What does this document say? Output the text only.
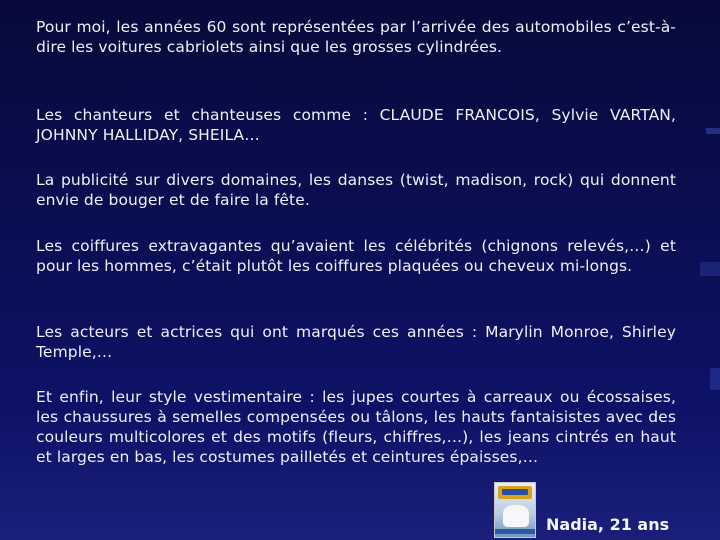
Pour moi, les années 60 sont représentées par l’arrivée des automobiles c’est-à-dire les voitures cabriolets ainsi que les grosses cylindrées.

Les chanteurs et chanteuses comme : CLAUDE FRANCOIS, Sylvie VARTAN, JOHNNY HALLIDAY, SHEILA…

La publicité sur divers domaines, les danses (twist, madison, rock) qui donnent envie de bouger et de faire la fête.

Les coiffures extravagantes qu’avaient les célébrités (chignons relevés,…) et pour les hommes, c’était plutôt les coiffures plaquées ou cheveux mi-longs.

Les acteurs et actrices qui ont marqués ces années : Marylin Monroe, Shirley Temple,…

Et enfin, leur style vestimentaire : les jupes courtes à carreaux ou écossaises, les chaussures à semelles compensées ou tâlons, les hauts fantaisistes avec des couleurs multicolores et des motifs (fleurs, chiffres,…), les jeans cintrés en haut et larges en bas, les costumes pailletés et ceintures épaisses,…

Nadia, 21 ans
